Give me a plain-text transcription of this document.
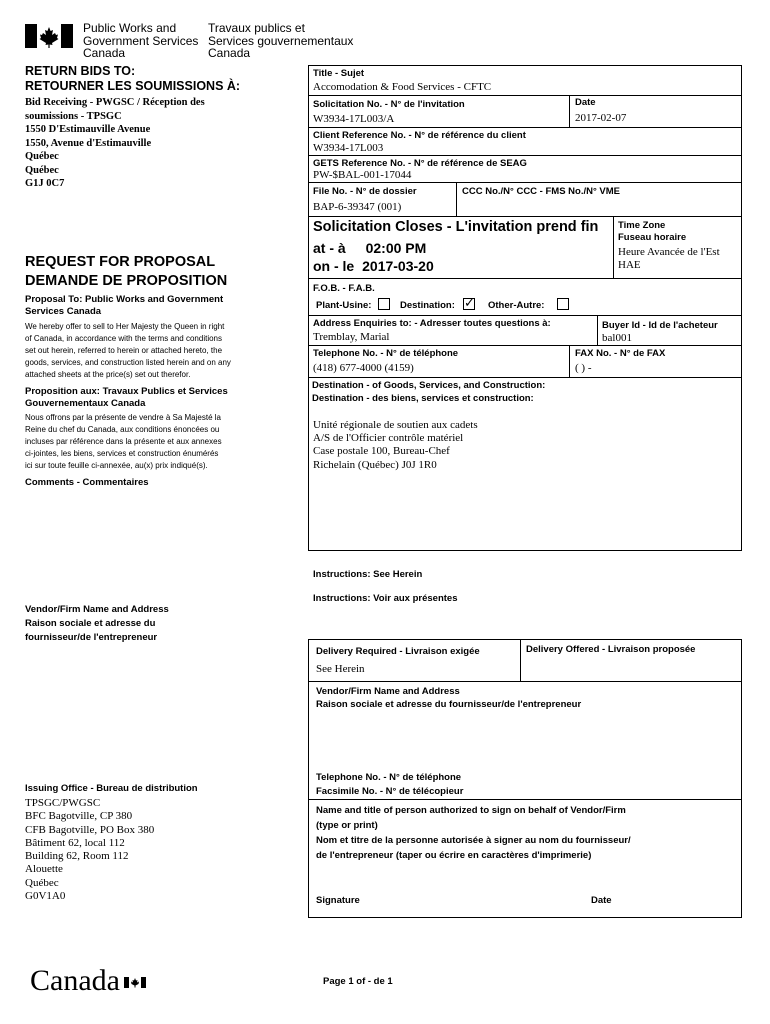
Public Works and
Government Services
Canada
Travaux publics et
Services gouvernementaux
Canada
RETURN BIDS TO:
RETOURNER LES SOUMISSIONS À:
Bid Receiving - PWGSC / Réception des
soumissions - TPSGC
1550 D'Estimauville Avenue
1550, Avenue d'Estimauville
Québec
Québec
G1J 0C7
REQUEST FOR PROPOSAL
DEMANDE DE PROPOSITION
Proposal To: Public Works and Government
Services Canada
We hereby offer to sell to Her Majesty the Queen in right
of Canada, in accordance with the terms and conditions
set out herein, referred to herein or attached hereto, the
goods, services, and construction listed herein and on any
attached sheets at the price(s) set out therefor.
Proposition aux: Travaux Publics et Services
Gouvernementaux Canada
Nous offrons par la présente de vendre à Sa Majesté la
Reine du chef du Canada, aux conditions énoncées ou
incluses par référence dans la présente et aux annexes
ci-jointes, les biens, services et construction énumérés
ici sur toute feuille ci-annexée, au(x) prix indiqué(s).
Comments - Commentaires
Vendor/Firm Name and Address
Raison sociale et adresse du
fournisseur/de l'entrepreneur
Issuing Office - Bureau de distribution
TPSGC/PWGSC
BFC Bagotville, CP 380
CFB Bagotville, PO Box 380
Bâtiment 62, local 112
Building 62, Room 112
Alouette
Québec
G0V1A0
Canada
Title - Sujet
Accomodation & Food Services - CFTC
Solicitation No. - N° de l'invitation
W3934-17L003/A
Date
2017-02-07
Client Reference No. - N° de référence du client
W3934-17L003
GETS Reference No. - N° de référence de SEAG
PW-$BAL-001-17044
File No. - N° de dossier
BAP-6-39347 (001)
CCC No./N° CCC - FMS No./N° VME
Solicitation Closes - L'invitation prend fin
at - à 02:00 PM
on - le 2017-03-20
Time Zone
Fuseau horaire
Heure Avancée de l'Est
HAE
F.O.B. - F.A.B.
Plant-Usine:	Destination: ✓ Other-Autre:
Address Enquiries to: - Adresser toutes questions à:
Tremblay, Marial
Buyer Id - Id de l'acheteur
bal001
Telephone No. - N° de téléphone
(418) 677-4000 (4159)
FAX No. - N° de FAX
( ) -
Destination - of Goods, Services, and Construction:
Destination - des biens, services et construction:
Unité régionale de soutien aux cadets
A/S de l'Officier contrôle matériel
Case postale 100, Bureau-Chef
Richelain (Québec) J0J 1R0
Instructions: See Herein
Instructions: Voir aux présentes
Delivery Required - Livraison exigée
See Herein
Delivery Offered - Livraison proposée
Vendor/Firm Name and Address
Raison sociale et adresse du fournisseur/de l'entrepreneur
Telephone No. - N° de téléphone
Facsimile No. - N° de télécopieur
Name and title of person authorized to sign on behalf of Vendor/Firm
(type or print)
Nom et titre de la personne autorisée à signer au nom du fournisseur/
de l'entrepreneur (taper ou écrire en caractères d'imprimerie)
Signature	Date
Page 1 of - de 1
